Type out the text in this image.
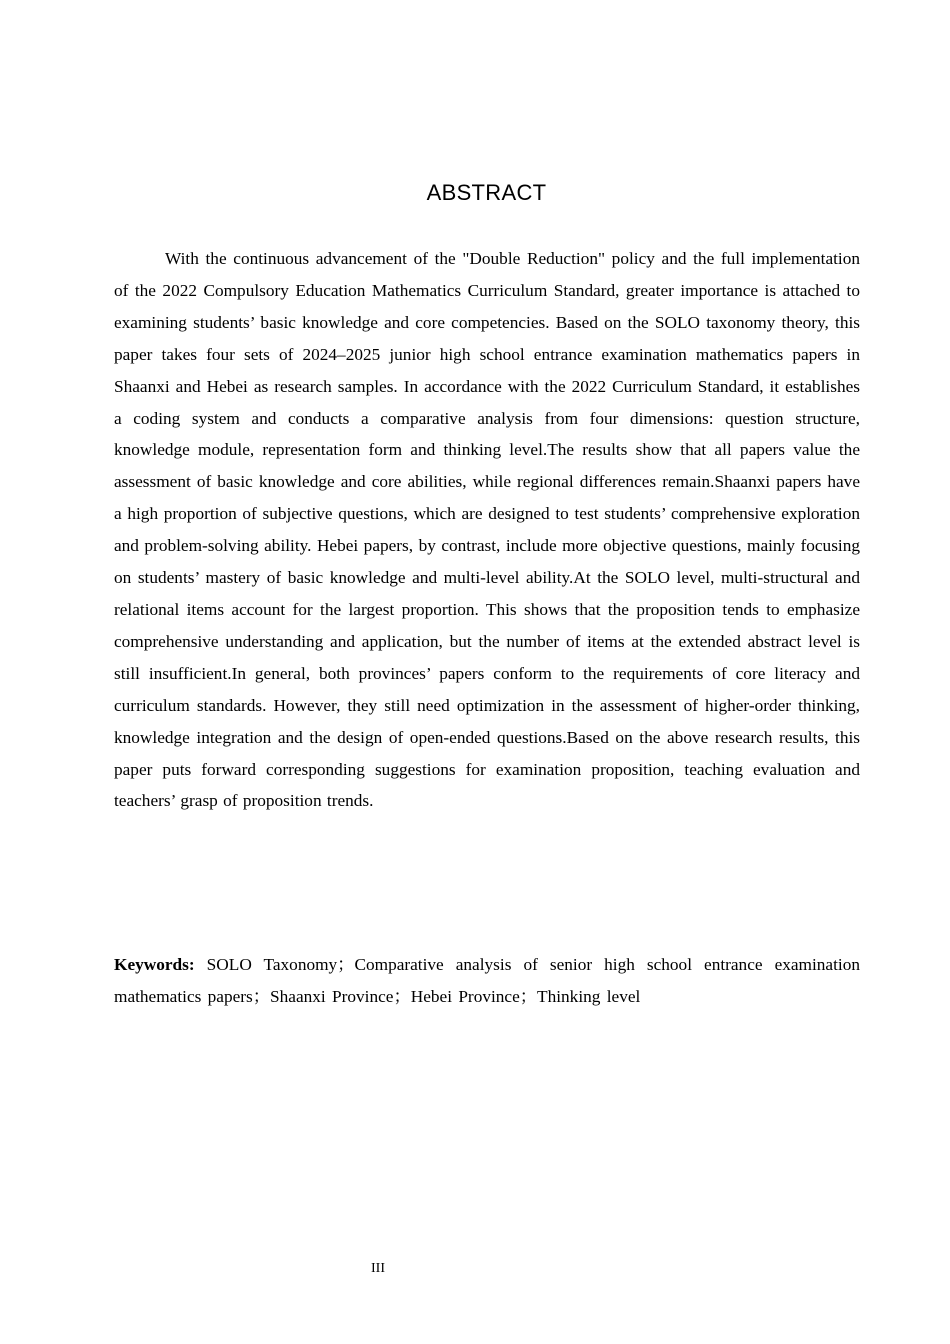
ABSTRACT

With the continuous advancement of the "Double Reduction" policy and the full implementation of the 2022 Compulsory Education Mathematics Curriculum Standard, greater importance is attached to examining students’ basic knowledge and core competencies. Based on the SOLO taxonomy theory, this paper takes four sets of 2024–2025 junior high school entrance examination mathematics papers in Shaanxi and Hebei as research samples. In accordance with the 2022 Curriculum Standard, it establishes a coding system and conducts a comparative analysis from four dimensions: question structure, knowledge module, representation form and thinking level.The results show that all papers value the assessment of basic knowledge and core abilities, while regional differences remain.Shaanxi papers have a high proportion of subjective questions, which are designed to test students’ comprehensive exploration and problem-solving ability. Hebei papers, by contrast, include more objective questions, mainly focusing on students’ mastery of basic knowledge and multi-level ability.At the SOLO level, multi-structural and relational items account for the largest proportion. This shows that the proposition tends to emphasize comprehensive understanding and application, but the number of items at the extended abstract level is still insufficient.In general, both provinces’ papers conform to the requirements of core literacy and curriculum standards. However, they still need optimization in the assessment of higher-order thinking, knowledge integration and the design of open-ended questions.Based on the above research results, this paper puts forward corresponding suggestions for examination proposition, teaching evaluation and teachers’ grasp of proposition trends.

Keywords: SOLO Taxonomy；Comparative analysis of senior high school entrance examination mathematics papers；Shaanxi Province；Hebei Province；Thinking level

III
